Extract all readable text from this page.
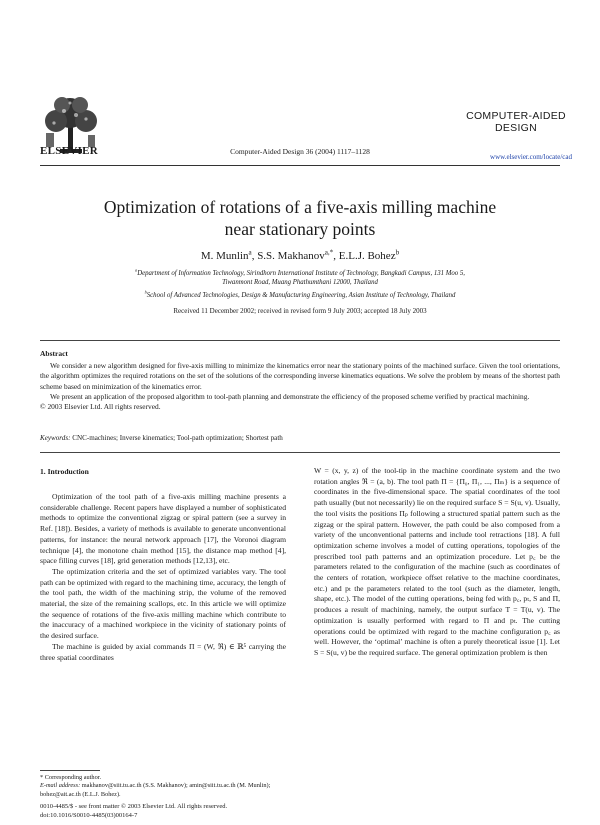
ELSEVIER	Computer-Aided Design 36 (2004) 1117–1128
COMPUTER-AIDED
DESIGN
www.elsevier.com/locate/cad
Optimization of rotations of a five-axis milling machine
near stationary points
M. Munlin$^a$, S.S. Makhanov$^{a,*}$, E.L.J. Bohez$^b$
$^a$Department of Information Technology, Sirindhorn International Institute of Technology, Bangkadi Campus, 131 Moo 5,
Tiwanmont Road, Muang Phathumthani 12000, Thailand
$^b$School of Advanced Technologies, Design & Manufacturing Engineering, Asian Institute of Technology, Thailand
Received 11 December 2002; received in revised form 9 July 2003; accepted 18 July 2003
Abstract

We consider a new algorithm designed for five-axis milling to minimize the kinematics error near the stationary points of the machined surface. Given the tool orientations, the algorithm optimizes the required rotations on the set of the solutions of the corresponding inverse kinematics equations. We solve the problem by means of the shortest path scheme based on minimization of the kinematics error.

We present an application of the proposed algorithm to tool-path planning and demonstrate the efficiency of the proposed scheme verified by practical machining.

© 2003 Elsevier Ltd. All rights reserved.

Keywords: CNC-machines; Inverse kinematics; Tool-path optimization; Shortest path
1. Introduction

Optimization of the tool path of a five-axis milling machine presents a considerable challenge. Recent papers have displayed a number of sophisticated methods to optimize the conventional zigzag or spiral pattern (see a survey in Ref. [18]). Besides, a variety of methods is available to generate unconventional patterns, for instance: the neural network approach [17], the Voronoi diagram technique [4], the monotone chain method [15], the distance map method [4], space filling curves [18], grid generation methods [12,13], etc.

The optimization criteria and the set of optimized variables vary. The tool path can be optimized with regard to the machining time, accuracy, the length of the tool path, the width of the machining strip, the volume of the removed material, the size of the remaining scallops, etc. In this article we will optimize the sequence of rotations of the five-axis milling machine which contribute to the inaccuracy of a machined workpiece in the vicinity of stationary points of the desired surface.

The machine is guided by axial commands Π = (W, ℜ) ∈ ℝ⁵ carrying the three spatial coordinates

W = (x, y, z) of the tool-tip in the machine coordinate system and the two rotation angles ℜ = (a, b). The tool path Π = {Π₀, Π₁, ..., Πₘ} is a sequence of coordinates in the five-dimensional space. The spatial coordinates of the tool path usually (but not necessarily) lie on the required surface S = S(u, v). Usually, the tool visits the positions Πₚ following a structured spatial pattern such as the zigzag or the spiral pattern. However, the path could be also composed from a variety of the unconventional patterns and include tool retractions [18]. A full optimization scheme involves a model of cutting operations, topologies of the prescribed tool path patterns and an optimization procedure. Let p꜀ be the parameters related to the configuration of the machine (such as coordinates of the centers of rotation, workpiece offset relative to the machine coordinates, etc.) and pₜ the parameters related to the tool (such as the diameter, length, shape, etc.). The model of the cutting operations, being fed with p꜀, pₜ, S and Π, produces a result of machining, namely, the output surface T = T(u, v). The optimization is usually performed with regard to Π and pₜ. The cutting operations could be optimized with regard to the machine configuration p꜀ as well. However, the ‘optimal’ machine is often a purely theoretical issue [1]. Let S = S(u, v) be the required surface. The general optimization problem is then

* Corresponding author.

E-mail address: makhanov@siit.tu.ac.th (S.S. Makhanov); amin@siit.tu.ac.th (M. Munlin); bohez@ait.ac.th (E.L.J. Bohez).

0010-4485/$ - see front matter © 2003 Elsevier Ltd. All rights reserved.
doi:10.1016/S0010-4485(03)00164-7
